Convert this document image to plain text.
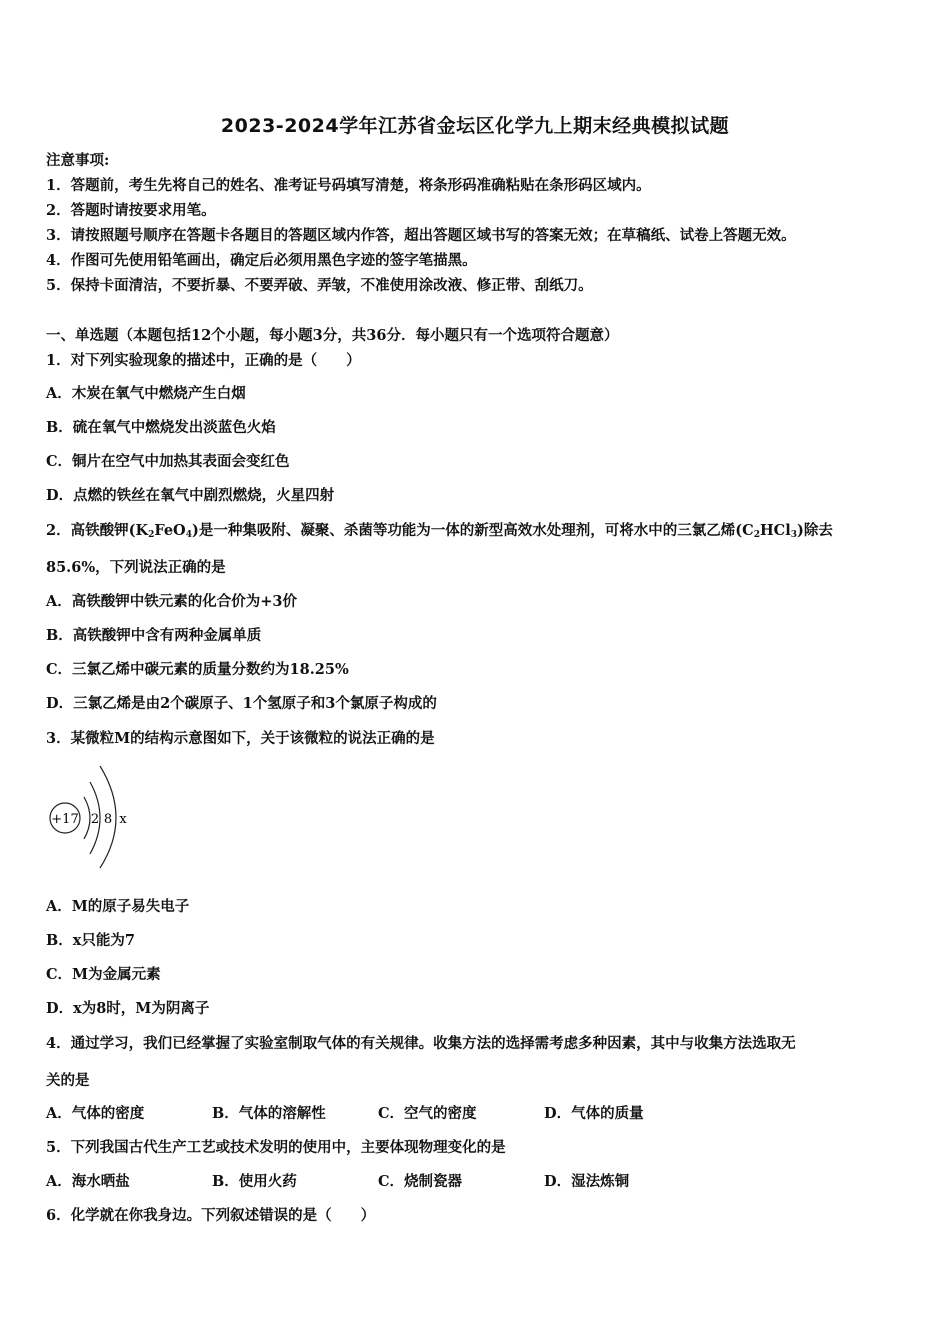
2023-2024学年江苏省金坛区化学九上期末经典模拟试题
注意事项:
1．答题前，考生先将自己的姓名、准考证号码填写清楚，将条形码准确粘贴在条形码区域内。
2．答题时请按要求用笔。
3．请按照题号顺序在答题卡各题目的答题区域内作答，超出答题区域书写的答案无效；在草稿纸、试卷上答题无效。
4．作图可先使用铅笔画出，确定后必须用黑色字迹的签字笔描黑。
5．保持卡面清洁，不要折暴、不要弄破、弄皱，不准使用涂改液、修正带、刮纸刀。
一、单选题（本题包括12个小题，每小题3分，共36分．每小题只有一个选项符合题意）
1．对下列实验现象的描述中，正确的是（　　）
A．木炭在氧气中燃烧产生白烟
B．硫在氧气中燃烧发出淡蓝色火焰
C．铜片在空气中加热其表面会变红色
D．点燃的铁丝在氧气中剧烈燃烧，火星四射
2．高铁酸钾$(K_2FeO_4)$是一种集吸附、凝聚、杀菌等功能为一体的新型高效水处理剂，可将水中的三氯乙烯$(C_2HCl_3)$除去
85.6%，下列说法正确的是
A．高铁酸钾中铁元素的化合价为+3价
B．高铁酸钾中含有两种金属单质
C．三氯乙烯中碳元素的质量分数约为18.25%
D．三氯乙烯是由2个碳原子、1个氢原子和3个氯原子构成的
3．某微粒M的结构示意图如下，关于该微粒的说法正确的是
+17 2 8 x
A．M的原子易失电子
B．x只能为7
C．M为金属元素
D．x为8时，M为阴离子
4．通过学习，我们已经掌握了实验室制取气体的有关规律。收集方法的选择需考虑多种因素，其中与收集方法选取无
关的是
A．气体的密度	B．气体的溶解性	C．空气的密度	D．气体的质量
5．下列我国古代生产工艺或技术发明的使用中，主要体现物理变化的是
A．海水晒盐	B．使用火药	C．烧制瓷器	D．湿法炼铜
6．化学就在你我身边。下列叙述错误的是（　　）
